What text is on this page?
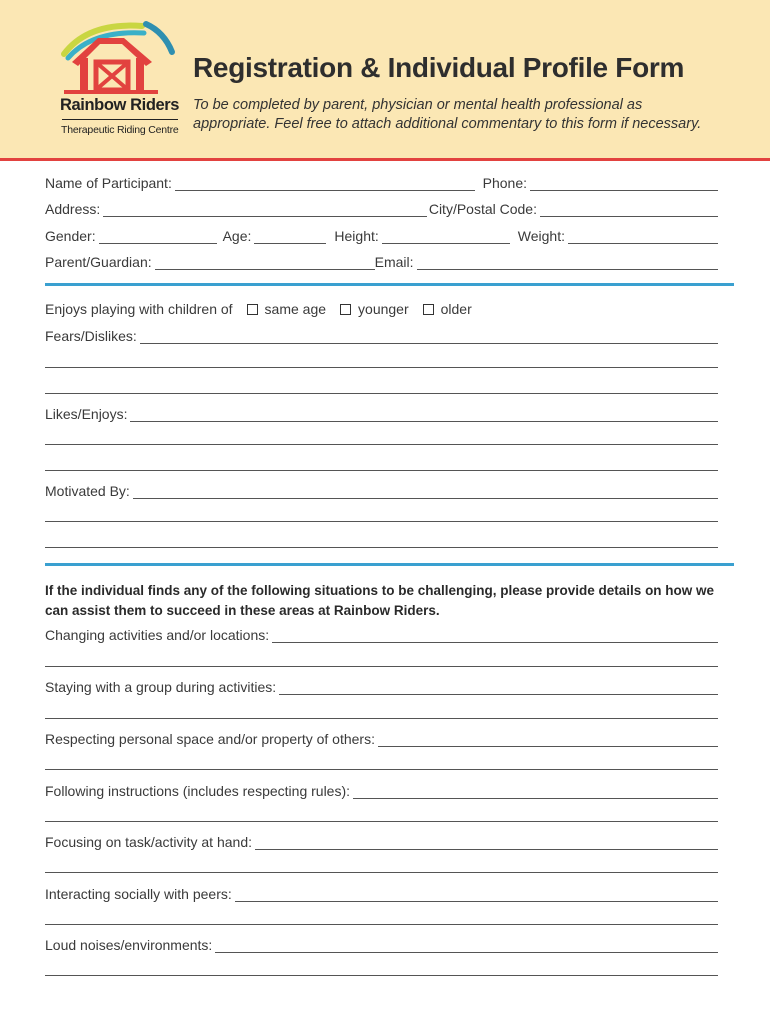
Rainbow Riders
Therapeutic Riding Centre
Registration & Individual Profile Form
To be completed by parent, physician or mental health professional as appropriate. Feel free to attach additional commentary to this form if necessary.
Name of Participant:	Phone:
Address:	City/Postal Code:
Gender:	Age:	Height:	Weight:
Parent/Guardian:	Email:
Enjoys playing with children of same age younger older
Fears/Dislikes:
Likes/Enjoys:
Motivated By:
If the individual finds any of the following situations to be challenging, please provide details on how we can assist them to succeed in these areas at Rainbow Riders.
Changing activities and/or locations:
Staying with a group during activities:
Respecting personal space and/or property of others:
Following instructions (includes respecting rules):
Focusing on task/activity at hand:
Interacting socially with peers:
Loud noises/environments:
